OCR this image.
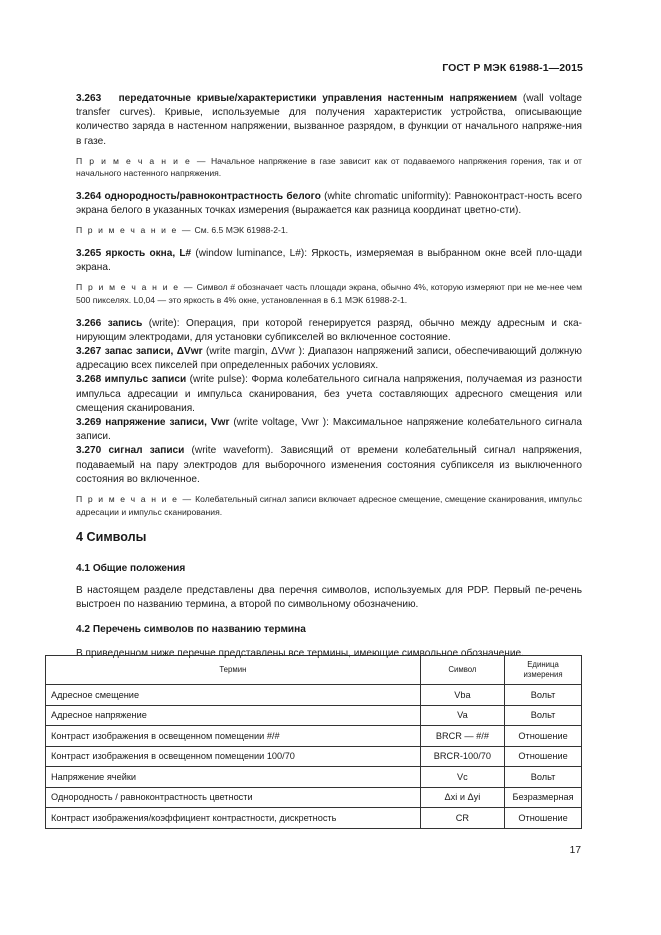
ГОСТ Р МЭК 61988-1—2015

3.263 передаточные кривые/характеристики управления настенным напряжением (wall voltage transfer curves). Кривые, используемые для получения характеристик устройства, описывающие количество заряда в настенном напряжении, вызванное разрядом, в функции от начального напряже-ния в газе.

П р и м е ч а н и е — Начальное напряжение в газе зависит как от подаваемого напряжения горения, так и от начального настенного напряжения.

3.264 однородность/равноконтрастность белого (white chromatic uniformity): Равноконтраст-ность всего экрана белого в указанных точках измерения (выражается как разница координат цветно-сти).

П р и м е ч а н и е — См. 6.5 МЭК 61988-2-1.

3.265 яркость окна, L# (window luminance, L#): Яркость, измеряемая в выбранном окне всей пло-щади экрана.

П р и м е ч а н и е — Символ # обозначает часть площади экрана, обычно 4%, которую измеряют при не ме-нее чем 500 пикселях. L0,04 — это яркость в 4% окне, установленная в 6.1 МЭК 61988-2-1.

3.266 запись (write): Операция, при которой генерируется разряд, обычно между адресным и ска-нирующим электродами, для установки субпикселей во включенное состояние.

3.267 запас записи, ΔVwr (write margin, ΔVwr ): Диапазон напряжений записи, обеспечивающий должную адресацию всех пикселей при определенных рабочих условиях.

3.268 импульс записи (write pulse): Форма колебательного сигнала напряжения, получаемая из разности импульса адресации и импульса сканирования, без учета составляющих адресного смещения или смещения сканирования.

3.269 напряжение записи, Vwr (write voltage, Vwr ): Максимальное напряжение колебательного сигнала записи.

3.270 сигнал записи (write waveform). Зависящий от времени колебательный сигнал напряжения, подаваемый на пару электродов для выборочного изменения состояния субпикселя из выключенного состояния во включенное.

П р и м е ч а н и е — Колебательный сигнал записи включает адресное смещение, смещение сканирования, импульс адресации и импульс сканирования.

4 Символы

4.1 Общие положения

В настоящем разделе представлены два перечня символов, используемых для PDP. Первый пе-речень выстроен по названию термина, а второй по символьному обозначению.

4.2 Перечень символов по названию термина

В приведенном ниже перечне представлены все термины, имеющие символьное обозначение.

Термин	Символ	Единица
измерения

Адресное смещение	Vba	Вольт
Адресное напряжение	Va	Вольт
Контраст изображения в освещенном помещении #/#	BRCR — #/#	Отношение
Контраст изображения в освещенном помещении 100/70	BRCR-100/70	Отношение
Напряжение ячейки	Vc	Вольт
Однородность / равноконтрастность цветности	Δxi и Δyi	Безразмерная
Контраст изображения/коэффициент контрастности, дискретность	CR	Отношение
17
